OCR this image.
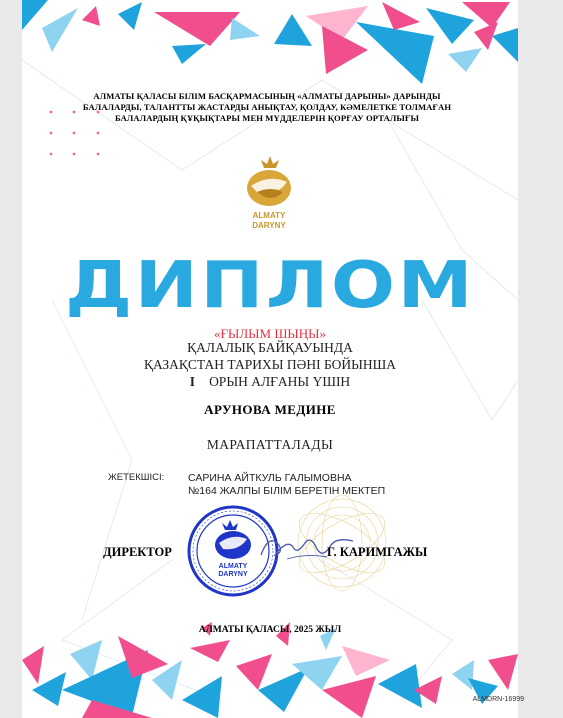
АЛМАТЫ ҚАЛАСЫ БІЛІМ БАСҚАРМАСЫНЫҢ «АЛМАТЫ ДАРЫНЫ» ДАРЫНДЫ БАЛАЛАРДЫ, ТАЛАНТТЫ ЖАСТАРДЫ АНЫҚТАУ, ҚОЛДАУ, КӘМЕЛЕТКЕ ТОЛМАҒАН БАЛАЛАРДЫҢ ҚҰҚЫҚТАРЫ МЕН МҮДДЕЛЕРІН ҚОРҒАУ ОРТАЛЫҒЫ

ALMATY
DARYNY

ДИПЛОМ

«ҒЫЛЫМ ШЫҢЫ»

ҚАЛАЛЫҚ БАЙҚАУЫНДА

ҚАЗАҚСТАН ТАРИХЫ ПӘНІ БОЙЫНША

І ОРЫН АЛҒАНЫ ҮШІН

АРУНОВА МЕДИНЕ

МАРАПАТТАЛАДЫ

ЖЕТЕКШІСІ: САРИНА АЙТКУЛЬ ГАЛЫМОВНА
№164 ЖАЛПЫ БІЛІМ БЕРЕТІН МЕКТЕП
ДИРЕКТОР
ALMATY
DARYNY
Г. КАРИМГАЖЫ

АЛМАТЫ ҚАЛАСЫ, 2025 ЖЫЛ

ALMDRN-16999
